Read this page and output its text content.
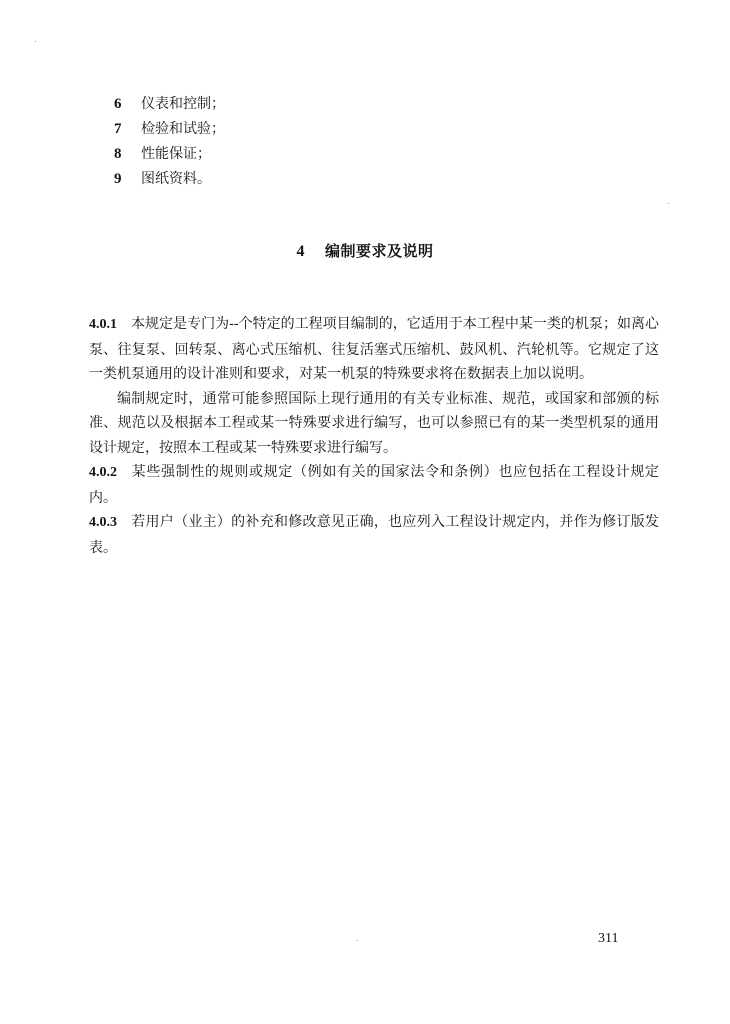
6 仪表和控制；
7 检验和试验；
8 性能保证；
9 图纸资料。
4 编制要求及说明

4.0.1 本规定是专门为--个特定的工程项目编制的，它适用于本工程中某一类的机泵；如离心泵、往复泵、回转泵、离心式压缩机、往复活塞式压缩机、鼓风机、汽轮机等。它规定了这一类机泵通用的设计准则和要求，对某一机泵的特殊要求将在数据表上加以说明。

编制规定时，通常可能参照国际上现行通用的有关专业标准、规范，或国家和部颁的标准、规范以及根据本工程或某一特殊要求进行编写，也可以参照已有的某一类型机泵的通用设计规定，按照本工程或某一特殊要求进行编写。

4.0.2 某些强制性的规则或规定（例如有关的国家法令和条例）也应包括在工程设计规定内。

4.0.3 若用户（业主）的补充和修改意见正确，也应列入工程设计规定内，并作为修订版发表。

311
